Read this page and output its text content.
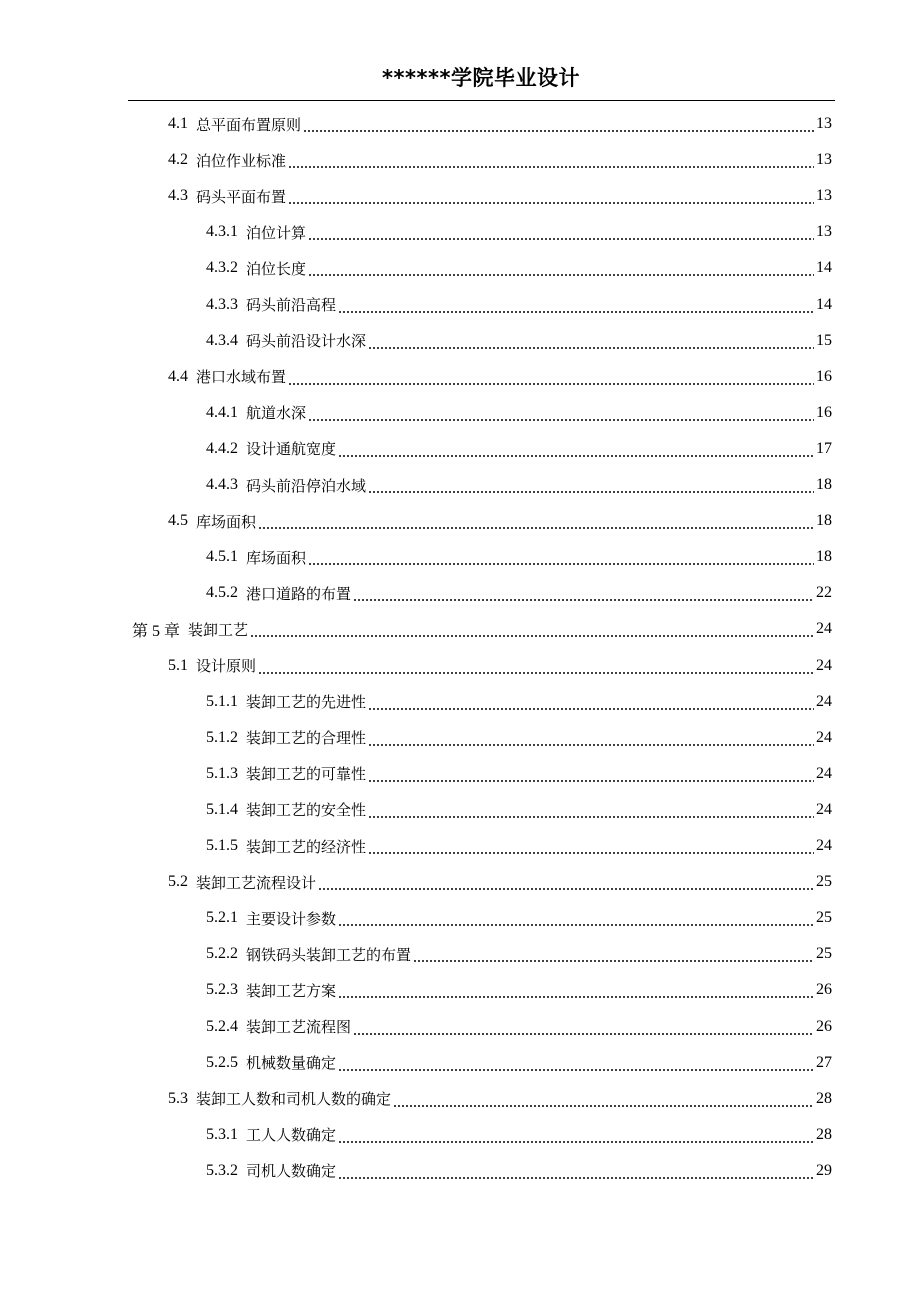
******学院毕业设计
4.1 总平面布置原则	13
4.2 泊位作业标准	13
4.3 码头平面布置	13
4.3.1 泊位计算	13
4.3.2 泊位长度	14
4.3.3 码头前沿高程	14
4.3.4 码头前沿设计水深	15
4.4 港口水域布置	16
4.4.1 航道水深	16
4.4.2 设计通航宽度	17
4.4.3 码头前沿停泊水域	18
4.5 库场面积	18
4.5.1 库场面积	18
4.5.2 港口道路的布置	22
第 5 章 装卸工艺	24
5.1 设计原则	24
5.1.1 装卸工艺的先进性	24
5.1.2 装卸工艺的合理性	24
5.1.3 装卸工艺的可靠性	24
5.1.4 装卸工艺的安全性	24
5.1.5 装卸工艺的经济性	24
5.2 装卸工艺流程设计	25
5.2.1 主要设计参数	25
5.2.2 钢铁码头装卸工艺的布置	25
5.2.3 装卸工艺方案	26
5.2.4 装卸工艺流程图	26
5.2.5 机械数量确定	27
5.3 装卸工人数和司机人数的确定	28
5.3.1 工人人数确定	28
5.3.2 司机人数确定	29
